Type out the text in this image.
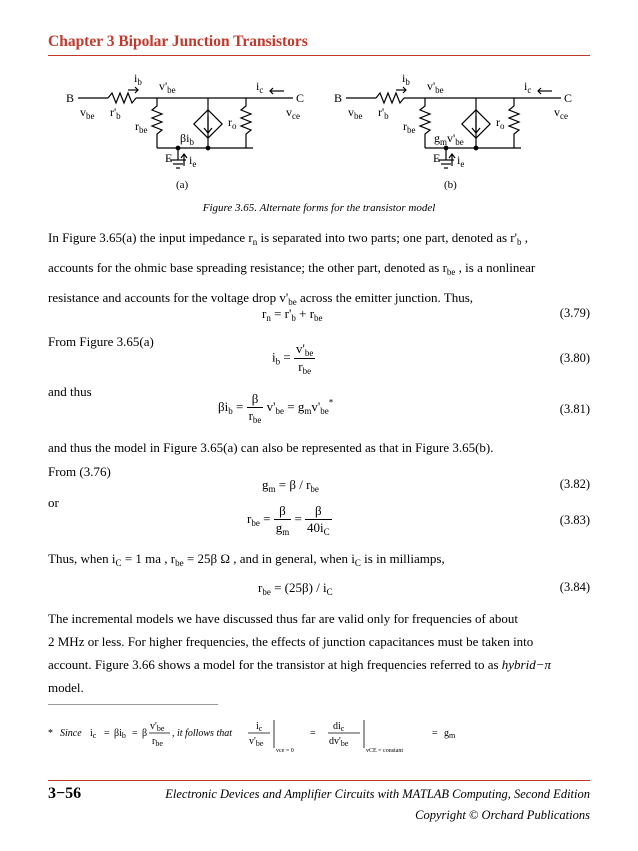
Chapter 3 Bipolar Junction Transistors
B
$v_{be}$ $r'_b$
$i_b$ $v'_{be}$
$r_{be}$
$\beta i_b$
$r_o$
$i_c$
C
$v_{ce}$
E $i_e$
(a)
B
$v_{be}$ $r'_b$
$i_b$ $v'_{be}$
$r_{be}$
$g_mv'_{be}$
$r_o$
$i_c$
C
$v_{ce}$
E $i_e$
(b)
Figure 3.65. Alternate forms for the transistor model
In Figure 3.65(a) the input impedance $r_n$ is separated into two parts; one part, denoted as $r'_b$ ,
accounts for the ohmic base spreading resistance; the other part, denoted as $r_{be}$ , is a nonlinear
resistance and accounts for the voltage drop $v'_{be}$ across the emitter junction. Thus,
$r_n = r'_b + r_{be}$	(3.79)
From Figure 3.65(a)
$i_b = \frac{v'_{be}}{r_{be}}$	(3.80)
and thus
$\beta i_b = \frac{\beta}{r_{be}} v'_{be} = g_mv'_{be}^*$	(3.81)
and thus the model in Figure 3.65(a) can also be represented as that in Figure 3.65(b).
From (3.76)
$g_m = \beta / r_{be}$	(3.82)
or
$r_{be} = \frac{\beta}{g_m} = \frac{\beta}{40i_C}$	(3.83)
Thus, when $i_C = 1$ ma , $r_{be} = 25\beta$ Ω , and in general, when $i_C$ is in milliamps,
$r_{be} = (25\beta) / i_C$	(3.84)
The incremental models we have discussed thus far are valid only for frequencies of about
2 MHz or less. For higher frequencies, the effects of junction capacitances must be taken into
account. Figure 3.66 shows a model for the transistor at high frequencies referred to as hybrid−π
model.
* Since $i_c = \beta i_b = \beta$
$v'_{be}$
$r_{be}$
, it follows that
$i_c$
$v'_{be}$
vce = 0
=
$di_c$
$dv'_{be}$
vCE = constant
= $g_m$
3−56	Electronic Devices and Amplifier Circuits with MATLAB Computing, Second Edition
Copyright © Orchard Publications
